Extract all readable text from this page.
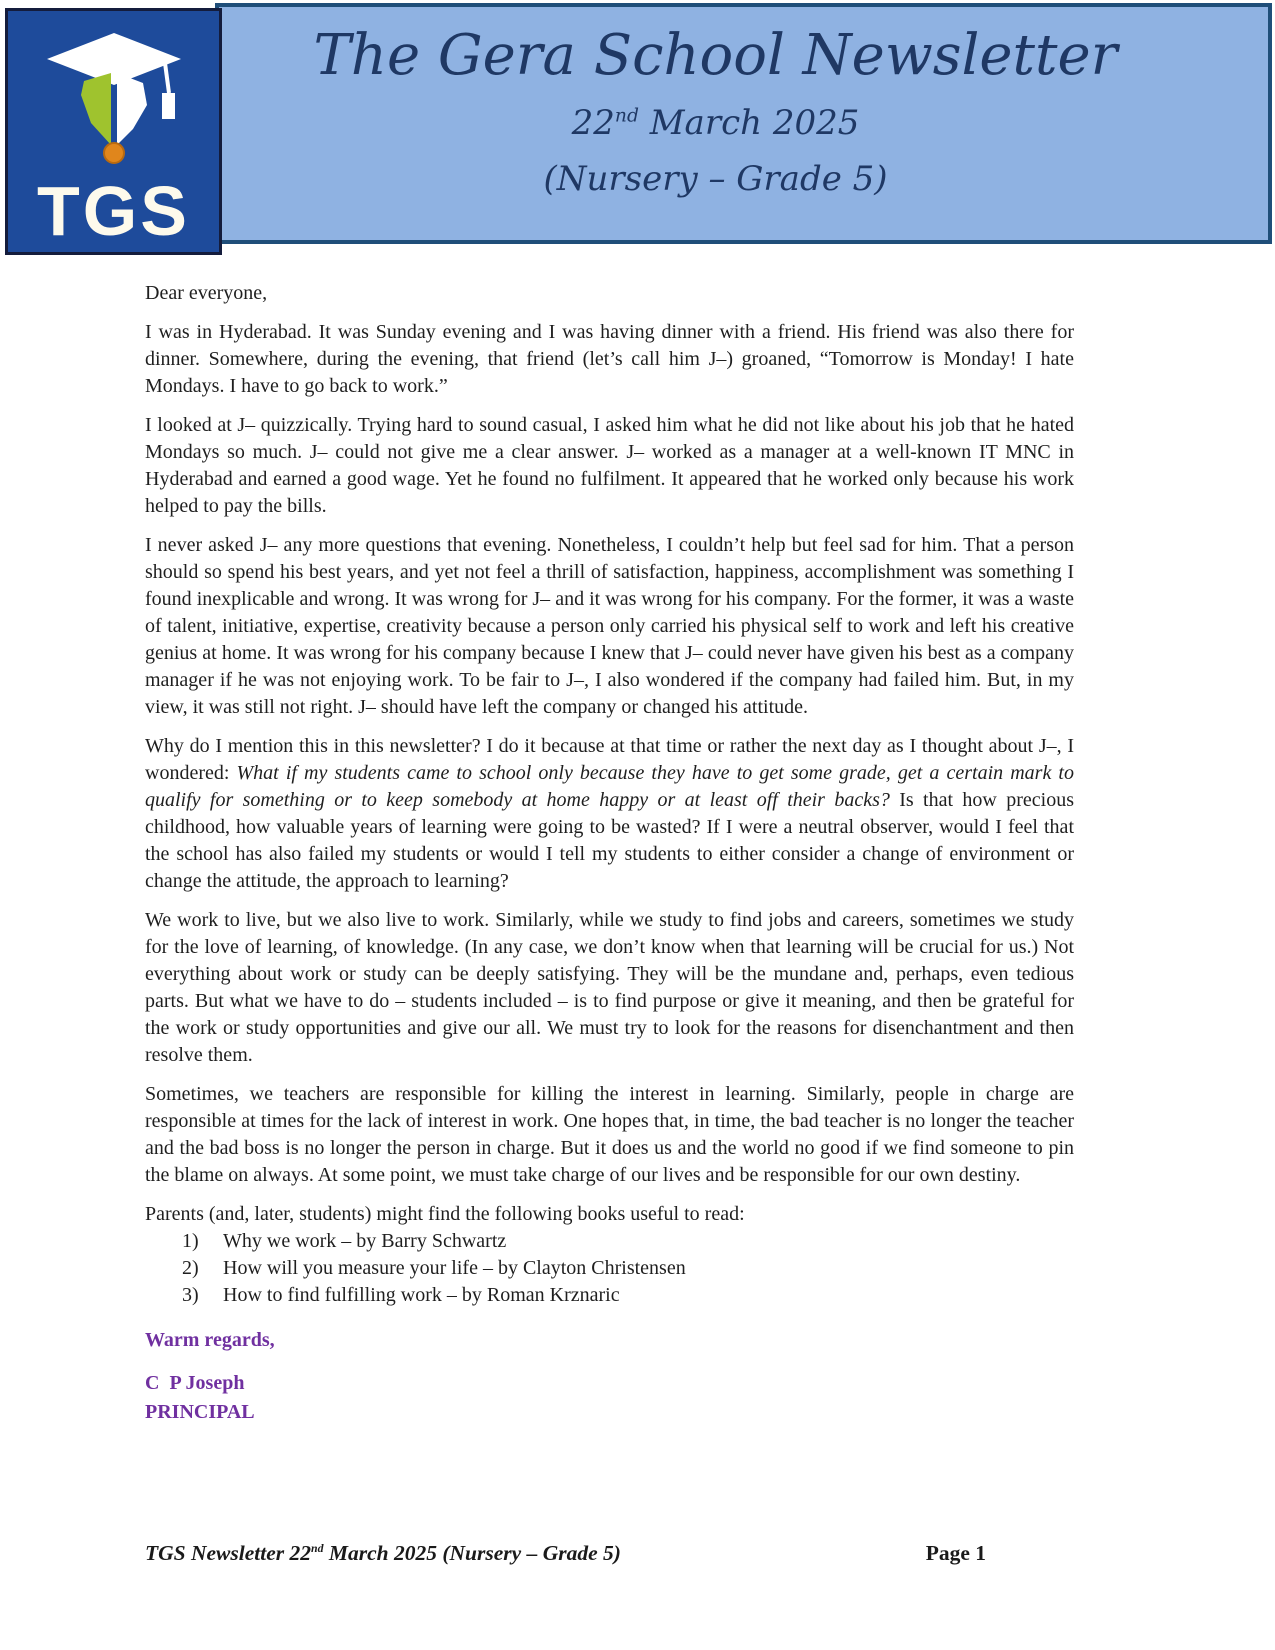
The Gera School Newsletter
22nd March 2025
(Nursery – Grade 5)
TGS

Dear everyone,

I was in Hyderabad. It was Sunday evening and I was having dinner with a friend. His friend was also there for dinner. Somewhere, during the evening, that friend (let’s call him J–) groaned, “Tomorrow is Monday! I hate Mondays. I have to go back to work.”

I looked at J– quizzically. Trying hard to sound casual, I asked him what he did not like about his job that he hated Mondays so much. J– could not give me a clear answer. J– worked as a manager at a well-known IT MNC in Hyderabad and earned a good wage. Yet he found no fulfilment. It appeared that he worked only because his work helped to pay the bills.

I never asked J– any more questions that evening. Nonetheless, I couldn’t help but feel sad for him. That a person should so spend his best years, and yet not feel a thrill of satisfaction, happiness, accomplishment was something I found inexplicable and wrong. It was wrong for J– and it was wrong for his company. For the former, it was a waste of talent, initiative, expertise, creativity because a person only carried his physical self to work and left his creative genius at home. It was wrong for his company because I knew that J– could never have given his best as a company manager if he was not enjoying work. To be fair to J–, I also wondered if the company had failed him. But, in my view, it was still not right. J– should have left the company or changed his attitude.

Why do I mention this in this newsletter? I do it because at that time or rather the next day as I thought about J–, I wondered: What if my students came to school only because they have to get some grade, get a certain mark to qualify for something or to keep somebody at home happy or at least off their backs? Is that how precious childhood, how valuable years of learning were going to be wasted? If I were a neutral observer, would I feel that the school has also failed my students or would I tell my students to either consider a change of environment or change the attitude, the approach to learning?

We work to live, but we also live to work. Similarly, while we study to find jobs and careers, sometimes we study for the love of learning, of knowledge. (In any case, we don’t know when that learning will be crucial for us.) Not everything about work or study can be deeply satisfying. They will be the mundane and, perhaps, even tedious parts. But what we have to do – students included – is to find purpose or give it meaning, and then be grateful for the work or study opportunities and give our all. We must try to look for the reasons for disenchantment and then resolve them.

Sometimes, we teachers are responsible for killing the interest in learning. Similarly, people in charge are responsible at times for the lack of interest in work. One hopes that, in time, the bad teacher is no longer the teacher and the bad boss is no longer the person in charge. But it does us and the world no good if we find someone to pin the blame on always. At some point, we must take charge of our lives and be responsible for our own destiny.

Parents (and, later, students) might find the following books useful to read:

1)	Why we work – by Barry Schwartz
2)	How will you measure your life – by Clayton Christensen
3)	How to find fulfilling work – by Roman Krznaric
Warm regards,
C  P Joseph
PRINCIPAL
TGS Newsletter 22nd March 2025 (Nursery – Grade 5)	Page 1
